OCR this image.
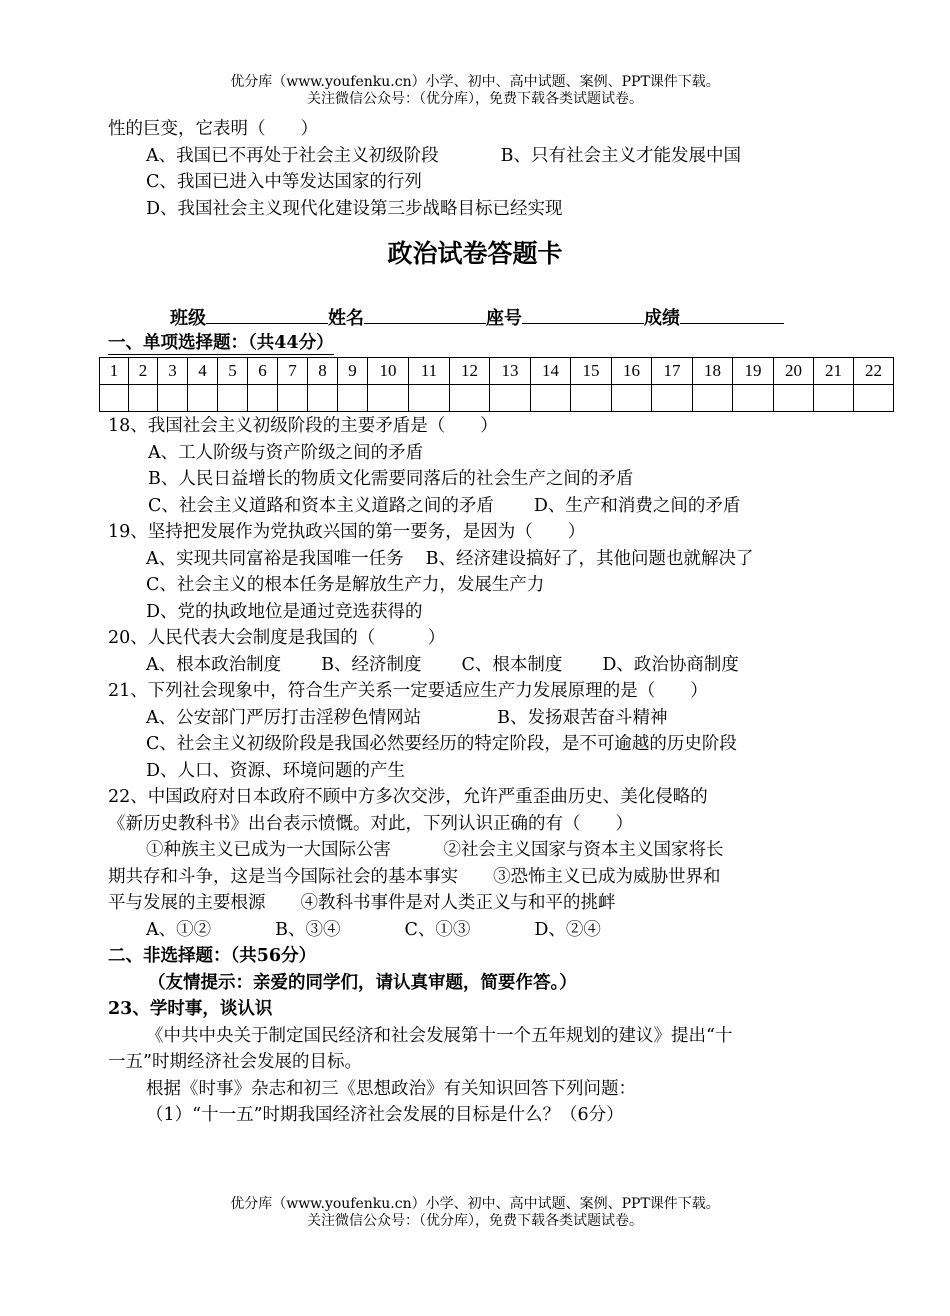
优分库（www.youfenku.cn）小学、初中、高中试题、案例、PPT课件下载。
关注微信公众号：（优分库），免费下载各类试题试卷。
性的巨变，它表明（　　）
A、我国已不再处于社会主义初级阶段	B、只有社会主义才能发展中国
C、我国已进入中等发达国家的行列
D、我国社会主义现代化建设第三步战略目标已经实现
政治试卷答题卡
班级	姓名	座号	成绩
一、单项选择题：（共44分）
1	2	3	4	5	6	7	8	9	10	11	12	13	14	15	16	17	18	19	20	21	22

18、我国社会主义初级阶段的主要矛盾是（　　）
A、工人阶级与资产阶级之间的矛盾
B、人民日益增长的物质文化需要同落后的社会生产之间的矛盾
C、社会主义道路和资本主义道路之间的矛盾 D、生产和消费之间的矛盾
19、坚持把发展作为党执政兴国的第一要务，是因为（　　）
A、实现共同富裕是我国唯一任务 B、经济建设搞好了，其他问题也就解决了
C、社会主义的根本任务是解放生产力，发展生产力
D、党的执政地位是通过竞选获得的
20、人民代表大会制度是我国的（　　　）
A、根本政治制度 B、经济制度 C、根本制度 D、政治协商制度
21、下列社会现象中，符合生产关系一定要适应生产力发展原理的是（　　）
A、公安部门严厉打击淫秽色情网站	B、发扬艰苦奋斗精神
C、社会主义初级阶段是我国必然要经历的特定阶段，是不可逾越的历史阶段
D、人口、资源、环境问题的产生
22、中国政府对日本政府不顾中方多次交涉，允许严重歪曲历史、美化侵略的
《新历史教科书》出台表示愤慨。对此，下列认识正确的有（　　）
①种族主义已成为一大国际公害　　　②社会主义国家与资本主义国家将长
期共存和斗争，这是当今国际社会的基本事实　　③恐怖主义已成为威胁世界和
平与发展的主要根源　　④教科书事件是对人类正义与和平的挑衅
A、①②	B、③④	C、①③	D、②④
二、非选择题：（共56分）
（友情提示：亲爱的同学们，请认真审题，简要作答。）
23、学时事，谈认识
《中共中央关于制定国民经济和社会发展第十一个五年规划的建议》提出“十
一五”时期经济社会发展的目标。
根据《时事》杂志和初三《思想政治》有关知识回答下列问题：
（1）“十一五”时期我国经济社会发展的目标是什么？（6分）
优分库（www.youfenku.cn）小学、初中、高中试题、案例、PPT课件下载。
关注微信公众号：（优分库），免费下载各类试题试卷。
